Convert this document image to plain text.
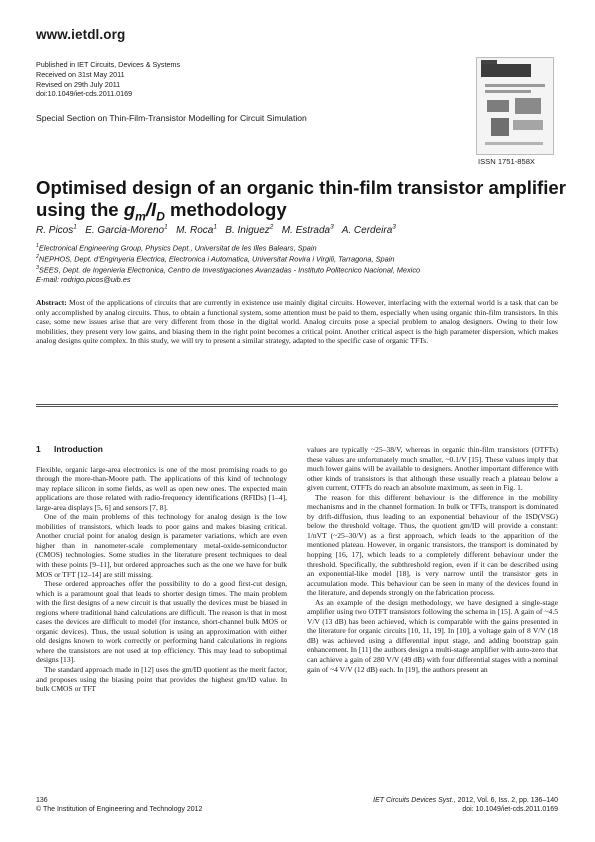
www.ietdl.org
Published in IET Circuits, Devices & Systems
Received on 31st May 2011
Revised on 29th July 2011
doi:10.1049/iet-cds.2011.0169
Special Section on Thin-Film-Transistor Modelling for Circuit Simulation
ISSN 1751-858X
Optimised design of an organic thin-film transistor amplifier using the $g_m/I_D$ methodology
R. Picos$^1$ E. Garcia-Moreno$^1$ M. Roca$^1$ B. Iniguez$^2$ M. Estrada$^3$ A. Cerdeira$^3$
$^1$Electronical Engineering Group, Physics Dept., Universitat de les Illes Balears, Spain
$^2$NEPHOS, Dept. d'Enginyeria Electrica, Electronica i Automatica, Universitat Rovira i Virgili, Tarragona, Spain
$^3$SEES, Dept. de Ingenieria Electronica, Centro de Investigaciones Avanzadas - Instituto Politecnico Nacional, Mexico
E-mail: rodrigo.picos@uib.es
Abstract: Most of the applications of circuits that are currently in existence use mainly digital circuits. However, interfacing with the external world is a task that can be only accomplished by analog circuits. Thus, to obtain a functional system, some attention must be paid to them, especially when using organic thin-film transistors. In this case, some new issues arise that are very different from those in the digital world. Analog circuits pose a special problem to analog designers. Owing to their low mobilities, they present very low gains, and biasing them in the right point becomes a critical point. Another critical aspect is the high parameter dispersion, which makes analog designs quite complex. In this study, we will try to present a similar strategy, adapted to the specific case of organic TFTs.
1 Introduction

Flexible, organic large-area electronics is one of the most promising roads to go through the more-than-Moore path. The applications of this kind of technology may replace silicon in some fields, as well as open new ones. The expected main applications are those related with radio-frequency identifications (RFIDs) [1–4], large-area displays [5, 6] and sensors [7, 8].

One of the main problems of this technology for analog design is the low mobilities of transistors, which leads to poor gains and makes biasing critical. Another crucial point for analog design is parameter variations, which are even higher than in nanometer-scale complementary metal-oxide-semiconductor (CMOS) technologies. Some studies in the literature present techniques to deal with these points [9–11], but ordered approaches such as the one we have for bulk MOS or TFT [12–14] are still missing.

These ordered approaches offer the possibility to do a good first-cut design, which is a paramount goal that leads to shorter design times. The main problem with the first designs of a new circuit is that usually the devices must be biased in regions where traditional hand calculations are difficult. The reason is that in most cases the devices are difficult to model (for instance, short-channel bulk MOS or organic devices). Thus, the usual solution is using an approximation with either old designs known to work correctly or performing hand calculations in regions where the transistors are not used at top efficiency. This may lead to suboptimal designs [13].

The standard approach made in [12] uses the gm/ID quotient as the merit factor, and proposes using the biasing point that provides the highest gm/ID value. In bulk CMOS or TFT

values are typically ~25–38/V, whereas in organic thin-film transistors (OTFTs) these values are unfortunately much smaller, ~0.1/V [15]. These values imply that much lower gains will be available to designers. Another important difference with other kinds of transistors is that although these usually reach a plateau below a given current, OTFTs do reach an absolute maximum, as seen in Fig. 1.

The reason for this different behaviour is the difference in the mobility mechanisms and in the channel formation. In bulk or TFTs, transport is dominated by drift-diffusion, thus leading to an exponential behaviour of the ISD(VSG) below the threshold voltage. Thus, the quotient gm/ID will provide a constant: 1/nVT (~25–30/V) as a first approach, which leads to the apparition of the mentioned plateau. However, in organic transistors, the transport is dominated by hopping [16, 17], which leads to a completely different behaviour under the threshold. Specifically, the subthreshold region, even if it can be described using an exponential-like model [18], is very narrow until the transistor gets in accumulation mode. This behaviour can be seen in many of the devices found in the literature, and depends strongly on the fabrication process.

As an example of the design methodology, we have designed a single-stage amplifier using two OTFT transistors following the schema in [15]. A gain of ~4.5 V/V (13 dB) has been achieved, which is comparable with the gains presented in the literature for organic circuits [10, 11, 19]. In [10], a voltage gain of 8 V/V (18 dB) was achieved using a differential input stage, and adding bootstrap gain enhancement. In [11] the authors design a multi-stage amplifier with auto-zero that can achieve a gain of 280 V/V (49 dB) with four differential stages with a nominal gain of ~4 V/V (12 dB) each. In [19], the authors present an

136
© The Institution of Engineering and Technology 2012
IET Circuits Devices Syst., 2012, Vol. 6, Iss. 2, pp. 136–140
doi: 10.1049/iet-cds.2011.0169
